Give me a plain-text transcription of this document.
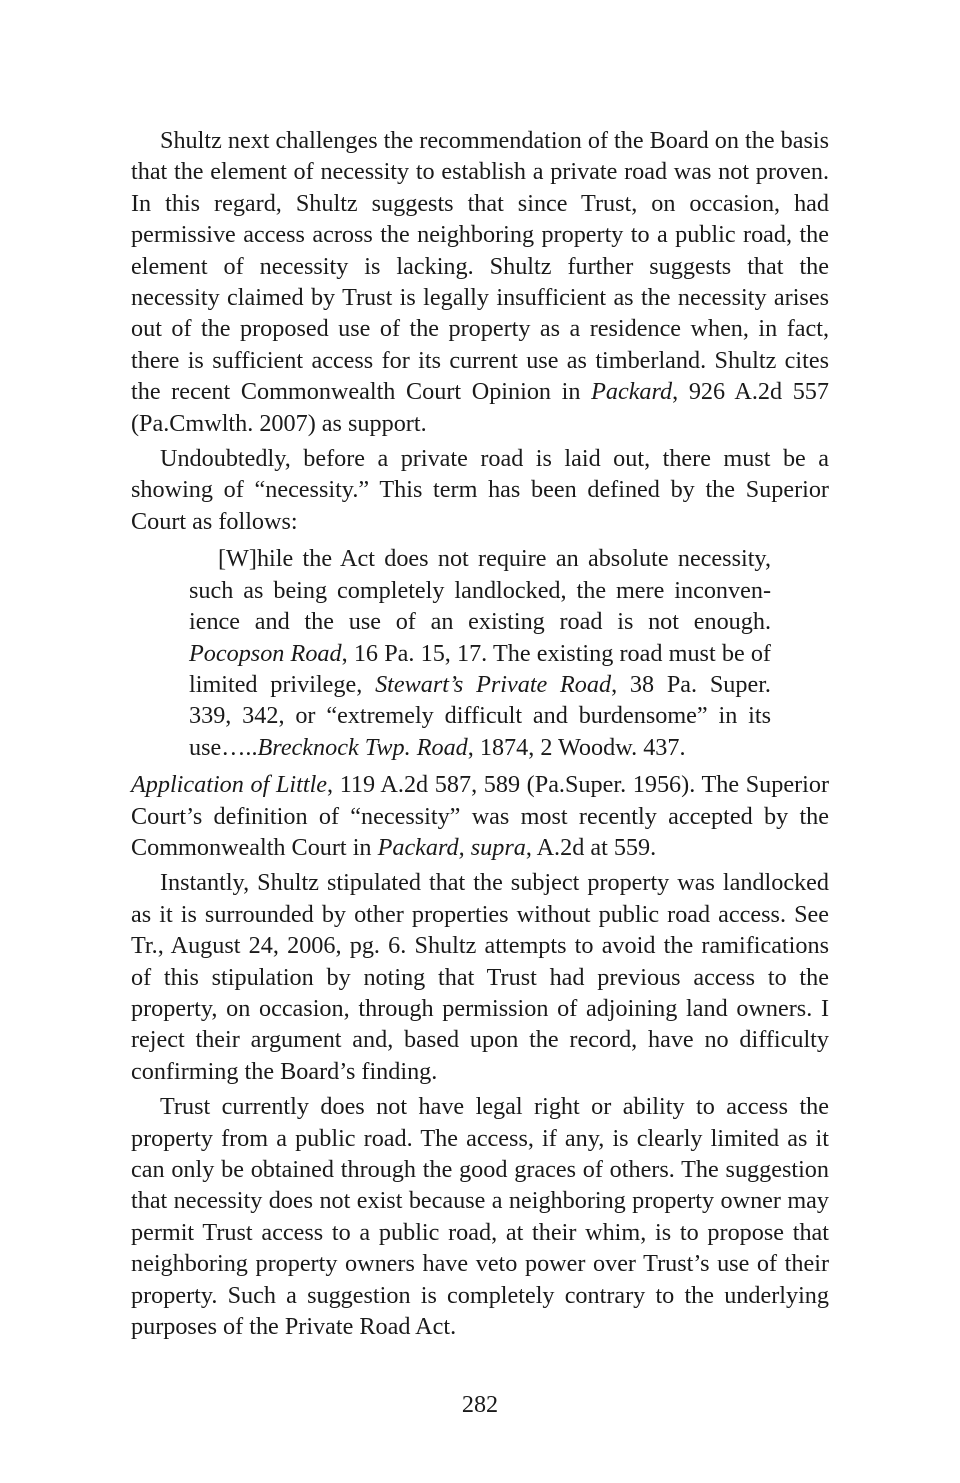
Shultz next challenges the recommendation of the Board on the basis that the element of necessity to establish a private road was not proven. In this regard, Shultz suggests that since Trust, on occasion, had permissive access across the neighboring property to a public road, the element of necessity is lacking. Shultz further suggests that the necessity claimed by Trust is legally insufficient as the necessity arises out of the proposed use of the property as a residence when, in fact, there is sufficient access for its current use as timberland. Shultz cites the recent Commonwealth Court Opinion in Packard, 926 A.2d 557 (Pa.Cmwlth. 2007) as support.

Undoubtedly, before a private road is laid out, there must be a showing of “necessity.” This term has been defined by the Superior Court as follows:

[W]hile the Act does not require an absolute necessity, such as being completely landlocked, the mere inconvenience and the use of an existing road is not enough. Pocopson Road, 16 Pa. 15, 17. The existing road must be of limited privilege, Stewart’s Private Road, 38 Pa. Super. 339, 342, or “extremely difficult and burdensome” in its use…..Brecknock Twp. Road, 1874, 2 Woodw. 437.

Application of Little, 119 A.2d 587, 589 (Pa.Super. 1956). The Superior Court’s definition of “necessity” was most recently accepted by the Commonwealth Court in Packard, supra, A.2d at 559.

Instantly, Shultz stipulated that the subject property was landlocked as it is surrounded by other properties without public road access. See Tr., August 24, 2006, pg. 6. Shultz attempts to avoid the ramifications of this stipulation by noting that Trust had previous access to the property, on occasion, through permission of adjoining land owners. I reject their argument and, based upon the record, have no difficulty confirming the Board’s finding.

Trust currently does not have legal right or ability to access the property from a public road. The access, if any, is clearly limited as it can only be obtained through the good graces of others. The suggestion that necessity does not exist because a neighboring property owner may permit Trust access to a public road, at their whim, is to propose that neighboring property owners have veto power over Trust’s use of their property. Such a suggestion is completely contrary to the underlying purposes of the Private Road Act.

282
